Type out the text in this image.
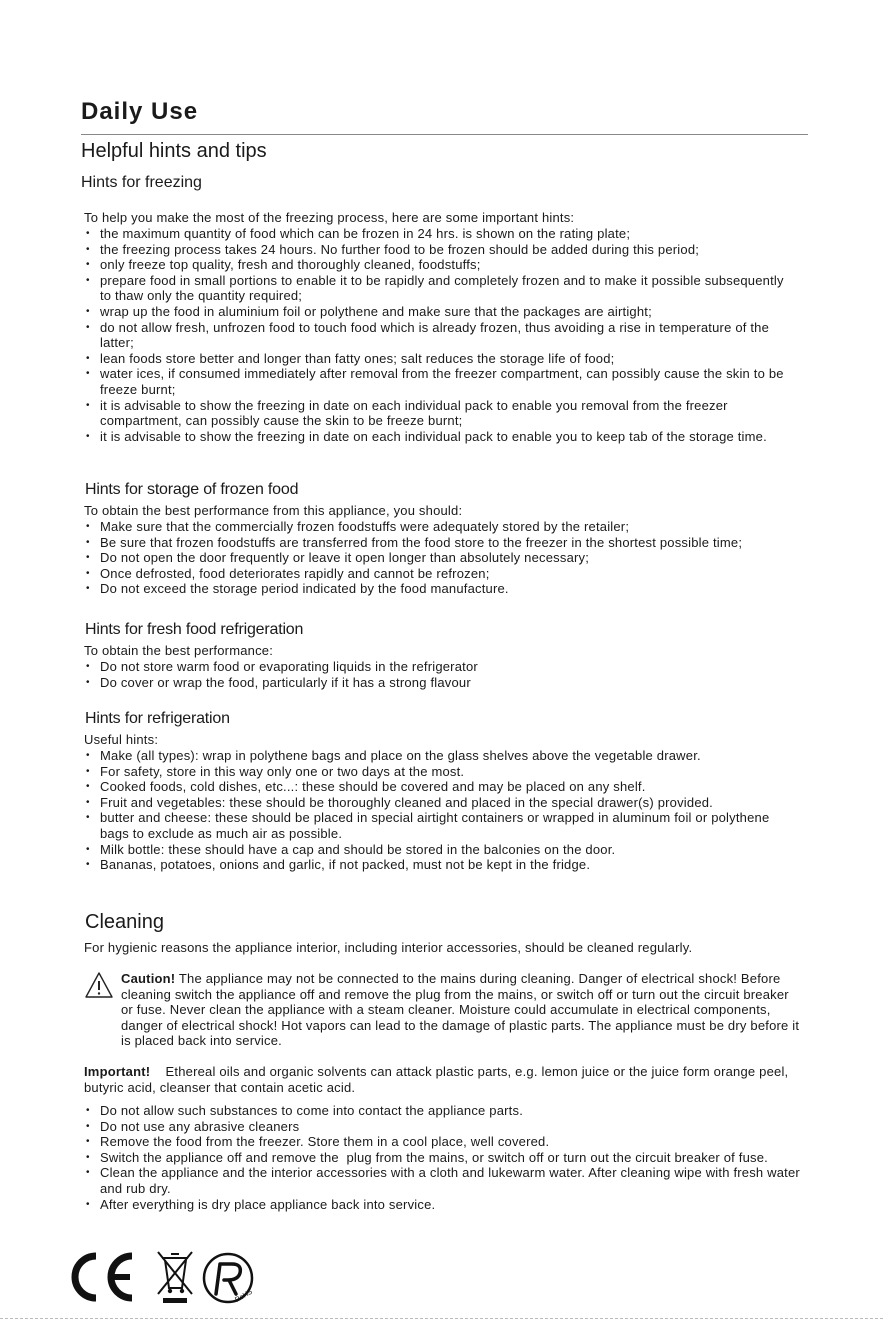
Daily Use
Helpful hints and tips
Hints for freezing

To help you make the most of the freezing process, here are some important hints:

• the maximum quantity of food which can be frozen in 24 hrs. is shown on the rating plate;
• the freezing process takes 24 hours. No further food to be frozen should be added during this period;
• only freeze top quality, fresh and thoroughly cleaned, foodstuffs;
• prepare food in small portions to enable it to be rapidly and completely frozen and to make it possible subsequently to thaw only the quantity required;
• wrap up the food in aluminium foil or polythene and make sure that the packages are airtight;
• do not allow fresh, unfrozen food to touch food which is already frozen, thus avoiding a rise in temperature of the latter;
• lean foods store better and longer than fatty ones; salt reduces the storage life of food;
• water ices, if consumed immediately after removal from the freezer compartment, can possibly cause the skin to be freeze burnt;
• it is advisable to show the freezing in date on each individual pack to enable you removal from the freezer compartment, can possibly cause the skin to be freeze burnt;
• it is advisable to show the freezing in date on each individual pack to enable you to keep tab of the storage time.
Hints for storage of frozen food

To obtain the best performance from this appliance, you should:

• Make sure that the commercially frozen foodstuffs were adequately stored by the retailer;
• Be sure that frozen foodstuffs are transferred from the food store to the freezer in the shortest possible time;
• Do not open the door frequently or leave it open longer than absolutely necessary;
• Once defrosted, food deteriorates rapidly and cannot be refrozen;
• Do not exceed the storage period indicated by the food manufacture.
Hints for fresh food refrigeration

To obtain the best performance:

• Do not store warm food or evaporating liquids in the refrigerator
• Do cover or wrap the food, particularly if it has a strong flavour
Hints for refrigeration

Useful hints:

• Make (all types): wrap in polythene bags and place on the glass shelves above the vegetable drawer.
• For safety, store in this way only one or two days at the most.
• Cooked foods, cold dishes, etc...: these should be covered and may be placed on any shelf.
• Fruit and vegetables: these should be thoroughly cleaned and placed in the special drawer(s) provided.
• butter and cheese: these should be placed in special airtight containers or wrapped in aluminum foil or polythene bags to exclude as much air as possible.
• Milk bottle: these should have a cap and should be stored in the balconies on the door.
• Bananas, potatoes, onions and garlic, if not packed, must not be kept in the fridge.
Cleaning

For hygienic reasons the appliance interior, including interior accessories, should be cleaned regularly.

Caution! The appliance may not be connected to the mains during cleaning. Danger of electrical shock! Before cleaning switch the appliance off and remove the plug from the mains, or switch off or turn out the circuit breaker or fuse. Never clean the appliance with a steam cleaner. Moisture could accumulate in electrical components, danger of electrical shock! Hot vapors can lead to the damage of plastic parts. The appliance must be dry before it is placed back into service.
Important!    Ethereal oils and organic solvents can attack plastic parts, e.g. lemon juice or the juice form orange peel, butyric acid, cleanser that contain acetic acid.
• Do not allow such substances to come into contact the appliance parts.
• Do not use any abrasive cleaners
• Remove the food from the freezer. Store them in a cool place, well covered.
• Switch the appliance off and remove the  plug from the mains, or switch off or turn out the circuit breaker of fuse.
• Clean the appliance and the interior accessories with a cloth and lukewarm water. After cleaning wipe with fresh water and rub dry.
• After everything is dry place appliance back into service.
RoHS
